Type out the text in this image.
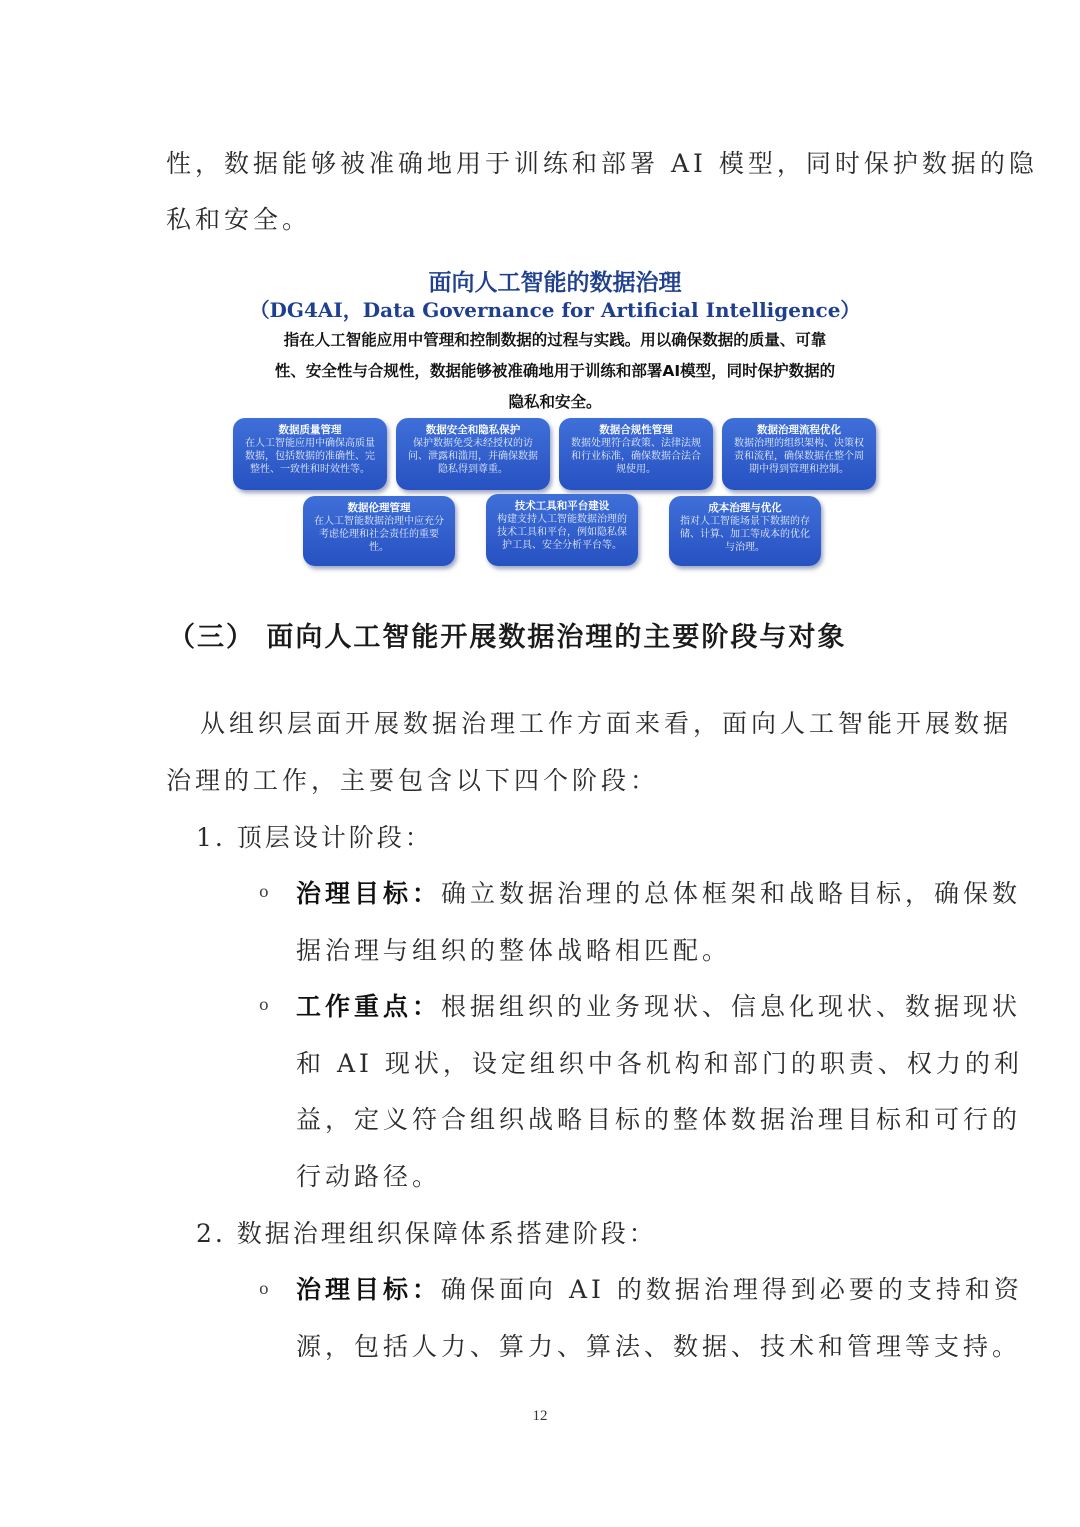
性，数据能够被准确地用于训练和部署 AI 模型，同时保护数据的隐

私和安全。

面向人工智能的数据治理
（DG4AI，Data Governance for Artificial Intelligence）
指在人工智能应用中管理和控制数据的过程与实践。用以确保数据的质量、可靠
性、安全性与合规性，数据能够被准确地用于训练和部署AI模型，同时保护数据的
隐私和安全。
数据质量管理
在人工智能应用中确保高质量数据，包括数据的准确性、完整性、一致性和时效性等。
数据安全和隐私保护
保护数据免受未经授权的访问、泄露和滥用，并确保数据隐私得到尊重。
数据合规性管理
数据处理符合政策、法律法规和行业标准，确保数据合法合规使用。
数据治理流程优化
数据治理的组织架构、决策权责和流程，确保数据在整个周期中得到管理和控制。
数据伦理管理
在人工智能数据治理中应充分考虑伦理和社会责任的重要性。
技术工具和平台建设
构建支持人工智能数据治理的技术工具和平台，例如隐私保护工具、安全分析平台等。
成本治理与优化
指对人工智能场景下数据的存储、计算、加工等成本的优化与治理。
（三） 面向人工智能开展数据治理的主要阶段与对象

从组织层面开展数据治理工作方面来看，面向人工智能开展数据

治理的工作，主要包含以下四个阶段：

1. 顶层设计阶段：

o 治理目标：确立数据治理的总体框架和战略目标，确保数

据治理与组织的整体战略相匹配。

o 工作重点：根据组织的业务现状、信息化现状、数据现状

和 AI 现状，设定组织中各机构和部门的职责、权力的利

益，定义符合组织战略目标的整体数据治理目标和可行的

行动路径。

2. 数据治理组织保障体系搭建阶段：

o 治理目标：确保面向 AI 的数据治理得到必要的支持和资

源，包括人力、算力、算法、数据、技术和管理等支持。

12
